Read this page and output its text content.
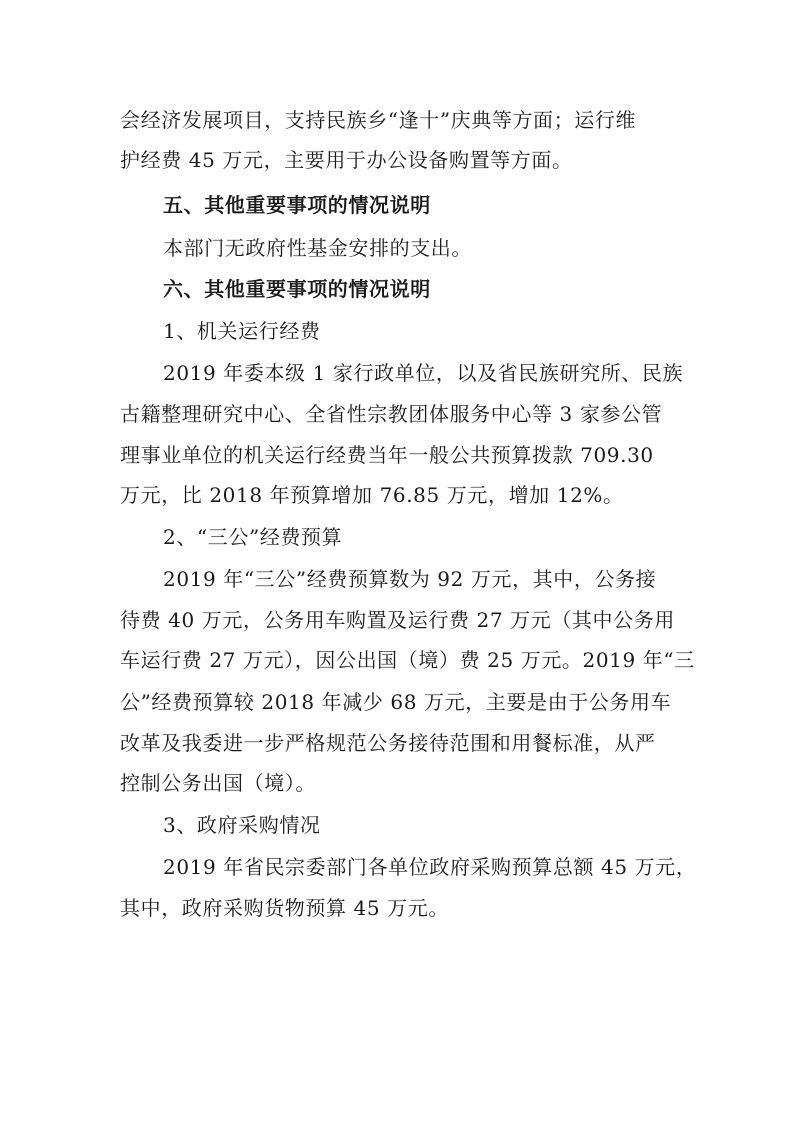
会经济发展项目，支持民族乡“逢十”庆典等方面；运行维
护经费 45 万元，主要用于办公设备购置等方面。
五、其他重要事项的情况说明
本部门无政府性基金安排的支出。
六、其他重要事项的情况说明
1、机关运行经费
2019 年委本级 1 家行政单位，以及省民族研究所、民族
古籍整理研究中心、全省性宗教团体服务中心等 3 家参公管
理事业单位的机关运行经费当年一般公共预算拨款 709.30
万元，比 2018 年预算增加 76.85 万元，增加 12%。
2、“三公”经费预算
2019 年“三公”经费预算数为 92 万元，其中，公务接
待费 40 万元，公务用车购置及运行费 27 万元（其中公务用
车运行费 27 万元），因公出国（境）费 25 万元。2019 年“三
公”经费预算较 2018 年减少 68 万元，主要是由于公务用车
改革及我委进一步严格规范公务接待范围和用餐标准，从严
控制公务出国（境）。
3、政府采购情况
2019 年省民宗委部门各单位政府采购预算总额 45 万元，
其中，政府采购货物预算 45 万元。
